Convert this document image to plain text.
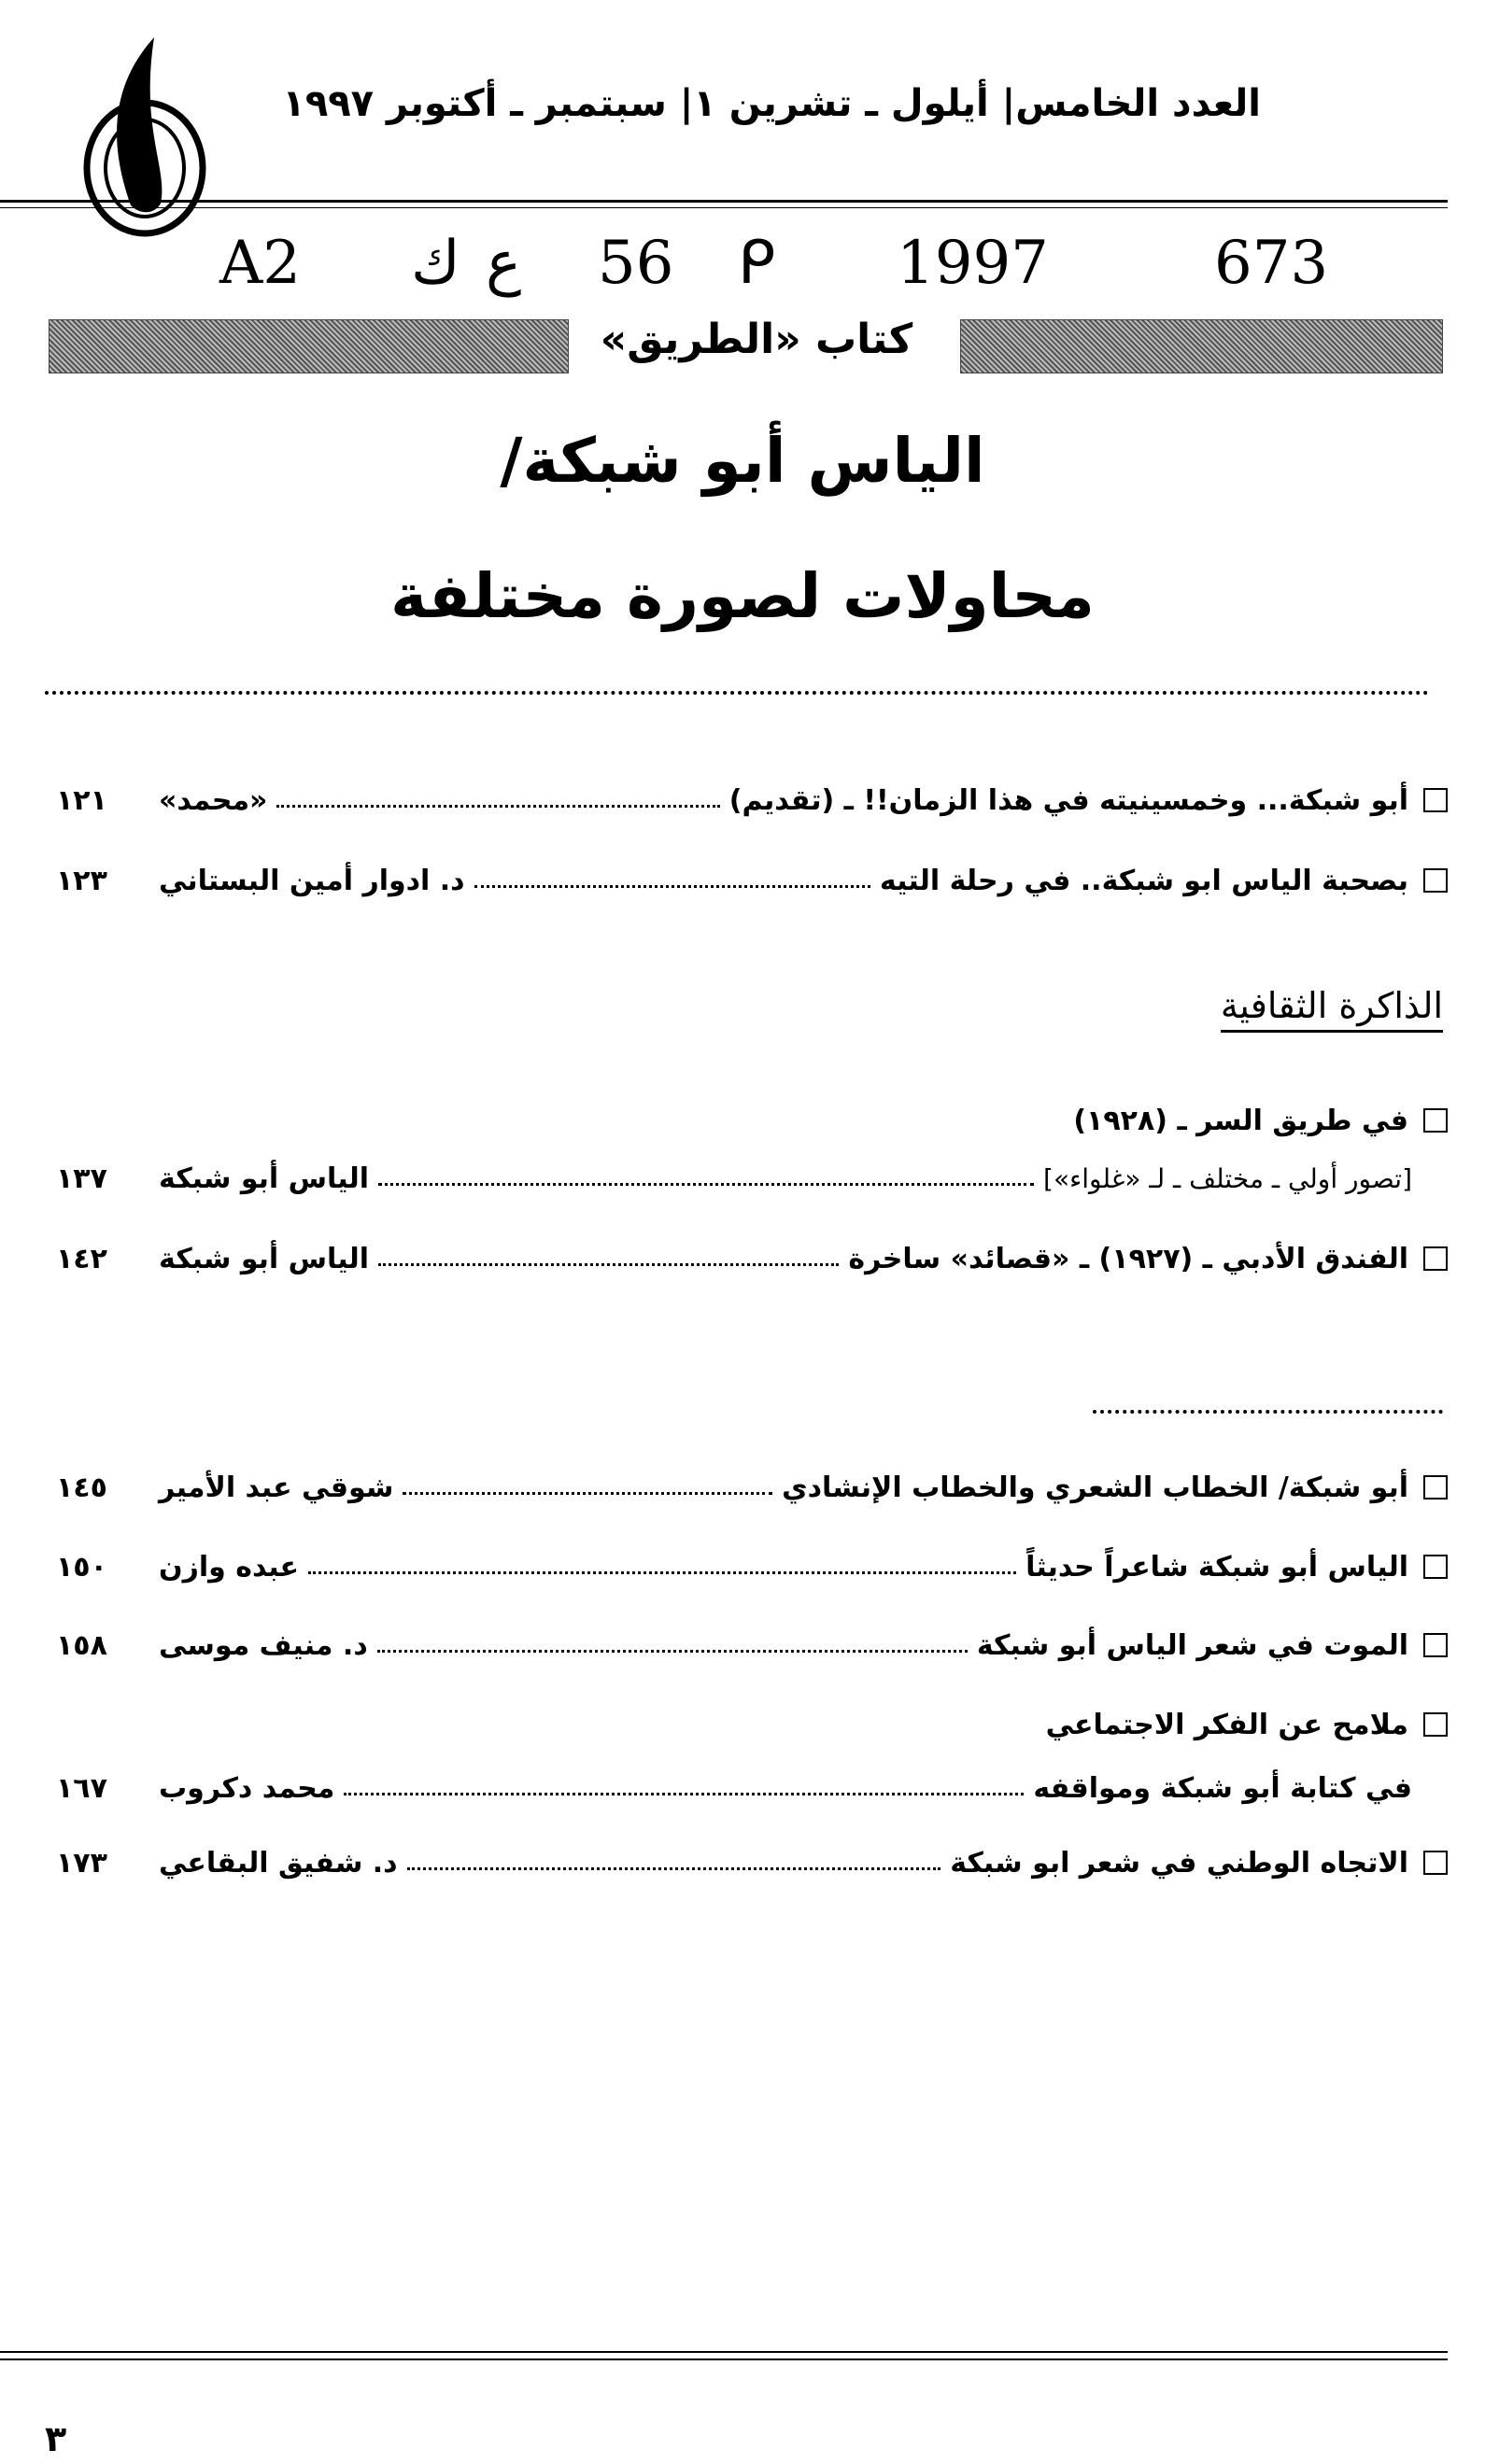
العدد الخامس| أيلول ـ تشرين ١| سبتمبر ـ أكتوبر ١٩٩٧
A2 ﻙ ع 56 ᑭ 1997	673
كتاب «الطريق»
الياس أبو شبكة/
محاولات لصورة مختلفة
أبو شبكة... وخمسينيته في هذا الزمان!! ـ (تقديم)
«محمد»
١٢١
بصحبة الياس ابو شبكة.. في رحلة التيه
د. ادوار أمين البستاني
١٢٣
الذاكرة الثقافية
في طريق السر ـ (١٩٢٨)
[تصور أولي ـ مختلف ـ لـ «غلواء»]
الياس أبو شبكة
١٣٧
الفندق الأدبي ـ (١٩٢٧) ـ «قصائد» ساخرة
الياس أبو شبكة
١٤٢
أبو شبكة/ الخطاب الشعري والخطاب الإنشادي
شوقي عبد الأمير
١٤٥
الياس أبو شبكة شاعراً حديثاً
عبده وازن
١٥٠
الموت في شعر الياس أبو شبكة
د. منيف موسى
١٥٨
ملامح عن الفكر الاجتماعي
في كتابة أبو شبكة ومواقفه
محمد دكروب
١٦٧
الاتجاه الوطني في شعر ابو شبكة
د. شفيق البقاعي
١٧٣
٣
